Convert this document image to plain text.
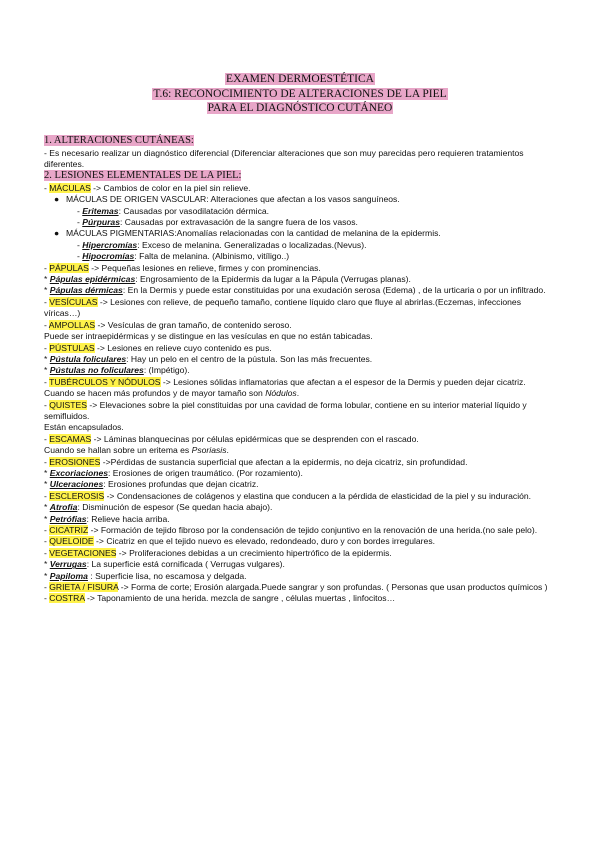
EXAMEN DERMOESTÉTICA
T.6: RECONOCIMIENTO DE ALTERACIONES DE LA PIEL
PARA EL DIAGNÓSTICO CUTÁNEO
1. ALTERACIONES CUTÁNEAS:
- Es necesario realizar un diagnóstico diferencial (Diferenciar alteraciones que son muy parecidas pero requieren tratamientos diferentes.
2. LESIONES ELEMENTALES DE LA PIEL:
- MÁCULAS -> Cambios de color en la piel sin relieve.
● MÁCULAS DE ORIGEN VASCULAR: Alteraciones que afectan a los vasos sanguíneos.
- Eritemas: Causadas por vasodilatación dérmica.
- Púrpuras: Causadas por extravasación de la sangre fuera de los vasos.
● MÁCULAS PIGMENTARIAS:Anomalías relacionadas con la cantidad de melanina de la epidermis.
- Hipercromías: Exceso de melanina. Generalizadas o localizadas.(Nevus).
- Hipocromías: Falta de melanina. (Albinismo, vitíligo..)
- PÁPULAS -> Pequeñas lesiones en relieve, firmes y con prominencias.
* Pápulas epidérmicas: Engrosamiento de la Epidermis da lugar a la Pápula (Verrugas planas).
* Pápulas dérmicas: En la Dermis y puede estar constituidas por una exudación serosa (Edema) , de la urticaria o por un infiltrado.
- VESÍCULAS -> Lesiones con relieve, de pequeño tamaño, contiene líquido claro que fluye al abrirlas.(Eczemas, infecciones víricas…)
- AMPOLLAS -> Vesículas de gran tamaño, de contenido seroso.
Puede ser intraepidérmicas y se distingue en las vesículas en que no están tabicadas.
- PÚSTULAS -> Lesiones en relieve cuyo contenido es pus.
* Pústula foliculares: Hay un pelo en el centro de la pústula. Son las más frecuentes.
* Pústulas no foliculares: (Impétigo).
- TUBÉRCULOS Y NÓDULOS -> Lesiones sólidas inflamatorias que afectan a el espesor de la Dermis y pueden dejar cicatriz.
Cuando se hacen más profundos y de mayor tamaño son Nódulos.
- QUISTES -> Elevaciones sobre la piel constituidas por una cavidad de forma lobular, contiene en su interior material líquido y semifluidos.
Están encapsulados.
- ESCAMAS -> Láminas blanquecinas por células epidérmicas que se desprenden con el rascado.
Cuando se hallan sobre un eritema es Psoriasis.
- EROSIONES ->Pérdidas de sustancia superficial que afectan a la epidermis, no deja cicatriz, sin profundidad.
* Excoriaciones: Erosiones de origen traumático. (Por rozamiento).
* Ulceraciones: Erosiones profundas que dejan cicatriz.
- ESCLEROSIS -> Condensaciones de colágenos y elastina que conducen a la pérdida de elasticidad de la piel y su induración.
* Atrofia: Disminución de espesor (Se quedan hacia abajo).
* Petrófias: Relieve hacia arriba.
- CICATRIZ -> Formación de tejido fibroso por la condensación de tejido conjuntivo en la renovación de una herida.(no sale pelo).
- QUELOIDE -> Cicatriz en que el tejido nuevo es elevado, redondeado, duro y con bordes irregulares.
- VEGETACIONES -> Proliferaciones debidas a un crecimiento hipertrófico de la epidermis.
* Verrugas: La superficie está cornificada ( Verrugas vulgares).
* Papiloma : Superficie lisa, no escamosa y delgada.
- GRIETA / FISURA -> Forma de corte; Erosión alargada.Puede sangrar y son profundas. ( Personas que usan productos químicos )
- COSTRA -> Taponamiento de una herida. mezcla de sangre , células muertas , linfocitos…
